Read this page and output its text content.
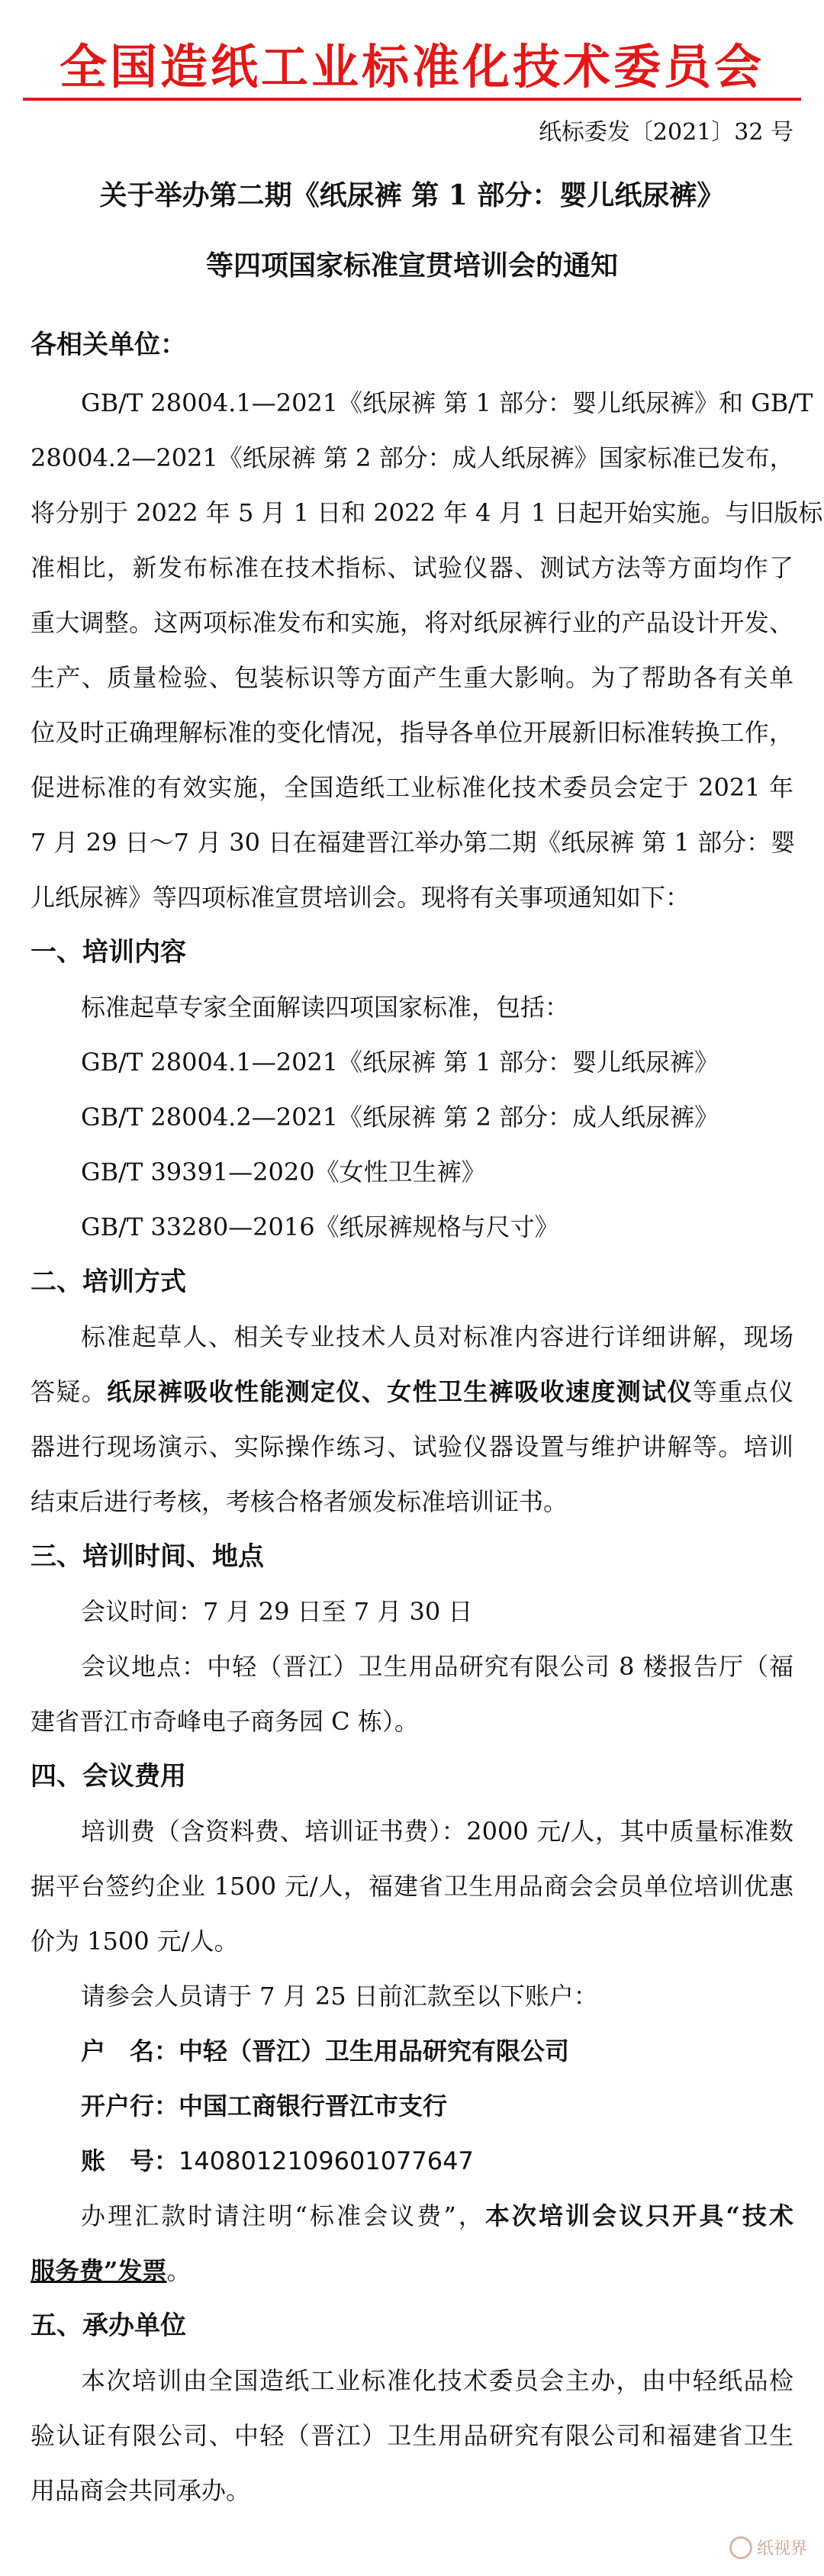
全国造纸工业标准化技术委员会
纸标委发〔2021〕32 号
关于举办第二期《纸尿裤 第 1 部分：婴儿纸尿裤》
等四项国家标准宣贯培训会的通知
各相关单位：
GB/T 28004.1—2021《纸尿裤 第 1 部分：婴儿纸尿裤》和 GB/T
28004.2—2021《纸尿裤 第 2 部分：成人纸尿裤》国家标准已发布，
将分别于 2022 年 5 月 1 日和 2022 年 4 月 1 日起开始实施。与旧版标
准相比，新发布标准在技术指标、试验仪器、测试方法等方面均作了
重大调整。这两项标准发布和实施，将对纸尿裤行业的产品设计开发、
生产、质量检验、包装标识等方面产生重大影响。为了帮助各有关单
位及时正确理解标准的变化情况，指导各单位开展新旧标准转换工作，
促进标准的有效实施，全国造纸工业标准化技术委员会定于 2021 年
7 月 29 日～7 月 30 日在福建晋江举办第二期《纸尿裤 第 1 部分：婴
儿纸尿裤》等四项标准宣贯培训会。现将有关事项通知如下：
一、培训内容
标准起草专家全面解读四项国家标准，包括：
GB/T 28004.1—2021《纸尿裤 第 1 部分：婴儿纸尿裤》
GB/T 28004.2—2021《纸尿裤 第 2 部分：成人纸尿裤》
GB/T 39391—2020《女性卫生裤》
GB/T 33280—2016《纸尿裤规格与尺寸》
二、培训方式
标准起草人、相关专业技术人员对标准内容进行详细讲解，现场
答疑。纸尿裤吸收性能测定仪、女性卫生裤吸收速度测试仪等重点仪
器进行现场演示、实际操作练习、试验仪器设置与维护讲解等。培训
结束后进行考核，考核合格者颁发标准培训证书。
三、培训时间、地点
会议时间：7 月 29 日至 7 月 30 日
会议地点：中轻（晋江）卫生用品研究有限公司 8 楼报告厅（福
建省晋江市奇峰电子商务园 C 栋）。
四、会议费用
培训费（含资料费、培训证书费）：2000 元/人，其中质量标准数
据平台签约企业 1500 元/人，福建省卫生用品商会会员单位培训优惠
价为 1500 元/人。
请参会人员请于 7 月 25 日前汇款至以下账户：
户　名：中轻（晋江）卫生用品研究有限公司
开户行：中国工商银行晋江市支行
账　号：1408012109601077647
办理汇款时请注明“标准会议费”，本次培训会议只开具“技术
服务费”发票。
五、承办单位
本次培训由全国造纸工业标准化技术委员会主办，由中轻纸品检
验认证有限公司、中轻（晋江）卫生用品研究有限公司和福建省卫生
用品商会共同承办。
纸视界
